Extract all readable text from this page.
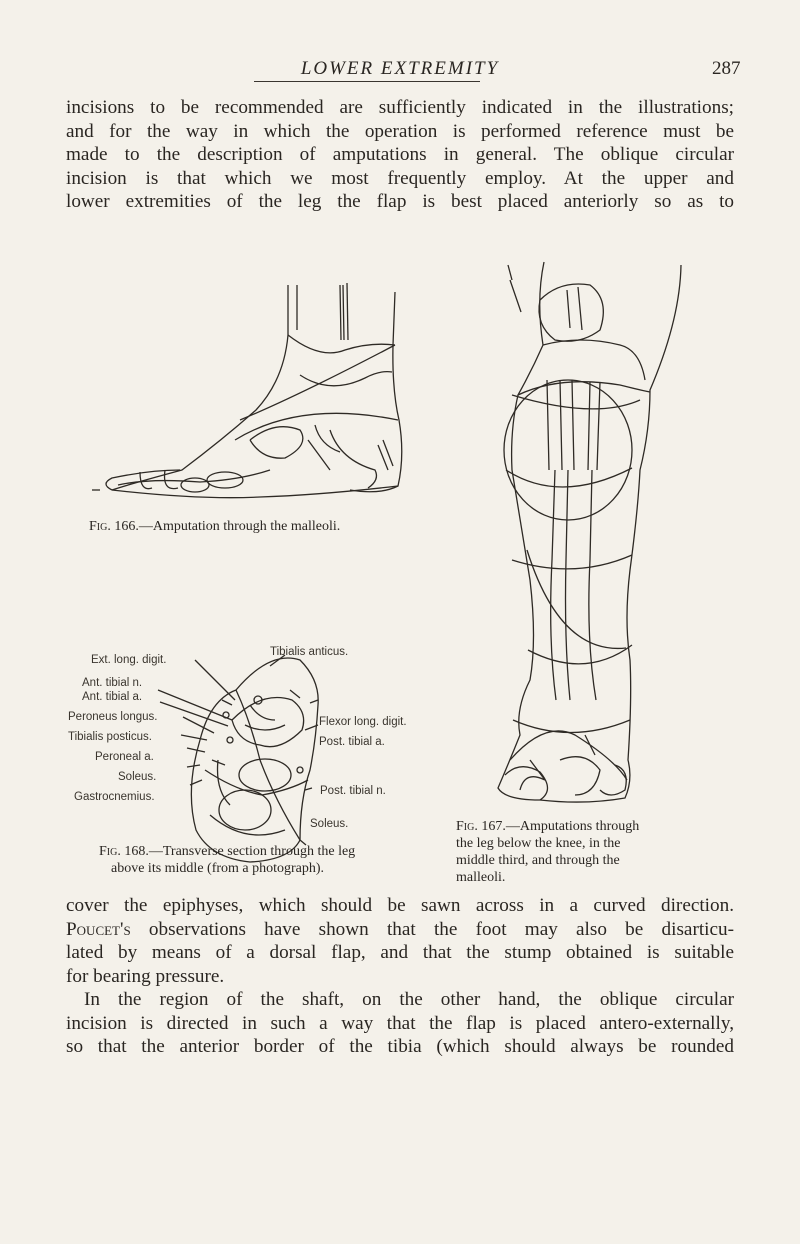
LOWER EXTREMITY	287
incisions to be recommended are sufficiently indicated in the illustrations;
and for the way in which the operation is performed reference must be
made to the description of amputations in general. The oblique circular
incision is that which we most frequently employ. At the upper and
lower extremities of the leg the flap is best placed anteriorly so as to
Fig. 166.—Amputation through the malleoli.
Fig. 167.—Amputations through
the leg below the knee, in the
middle third, and through the
malleoli.
Ext. long. digit.
Tibialis anticus.
Ant. tibial n.
Ant. tibial a.
Peroneus longus.	Flexor long. digit.
Tibialis posticus.	Post. tibial a.
Peroneal a.
Soleus.
Gastrocnemius.	Post. tibial n.
Soleus.
Fig. 168.—Transverse section through the leg
above its middle (from a photograph).
cover the epiphyses, which should be sawn across in a curved direction.
Poucet's observations have shown that the foot may also be disarticu-
lated by means of a dorsal flap, and that the stump obtained is suitable
for bearing pressure.
In the region of the shaft, on the other hand, the oblique circular
incision is directed in such a way that the flap is placed antero-externally,
so that the anterior border of the tibia (which should always be rounded
